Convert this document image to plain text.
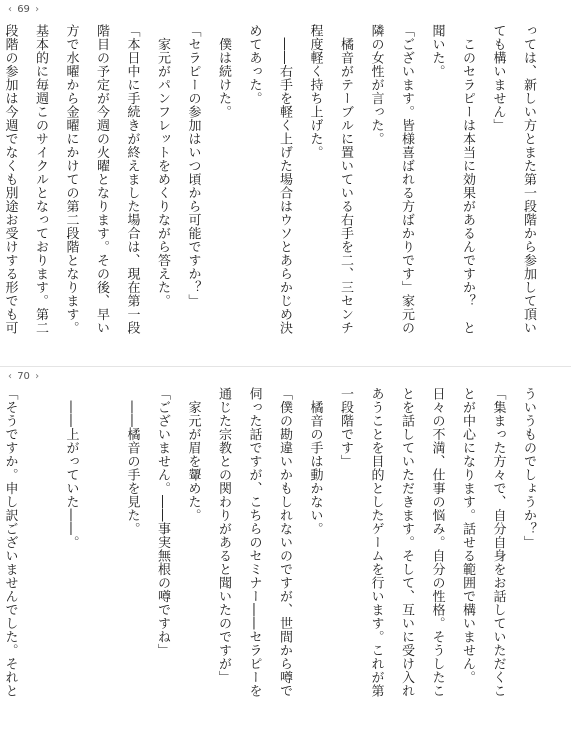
‹ 69 ›

っては、新しい方とまた第一段階から参加して頂いても構いません」
　このセラピーは本当に効果があるんですか？　と聞いた。
「ございます。皆様喜ばれる方ばかりです」家元の隣の女性が言った。
　橘音がテーブルに置いている右手を二、三センチ程度軽く持ち上げた。
　――右手を軽く上げた場合はウソとあらかじめ決めてあった。
　僕は続けた。
「セラピーの参加はいつ頃から可能ですか？」
　家元がパンフレットをめくりながら答えた。
「本日中に手続きが終えました場合は、現在第一段階目の予定が今週の火曜となります。その後、早い方で水曜から金曜にかけての第二段階となります。基本的に毎週このサイクルとなっております。第二段階の参加は今週でなくも別途お受けする形でも可

‹ 70 ›

ういうものでしょうか？」
「集まった方々で、自分自身をお話していただくことが中心になります。話せる範囲で構いません。日々の不満、仕事の悩み。自分の性格。そうしたことを話していただきます。そして、互いに受け入れあうことを目的としたゲームを行います。これが第一段階です」
　橘音の手は動かない。
「僕の勘違いかもしれないのですが、世間から噂で伺った話ですが、こちらのセミナー――セラピーを通じた宗教との関わりがあると聞いたのですが」
　家元が眉を顰めた。
「ございません。――事実無根の噂ですね」
　――橘音の手を見た。

　――上がっていた――。

「そうですか。申し訳ございませんでした。それと
